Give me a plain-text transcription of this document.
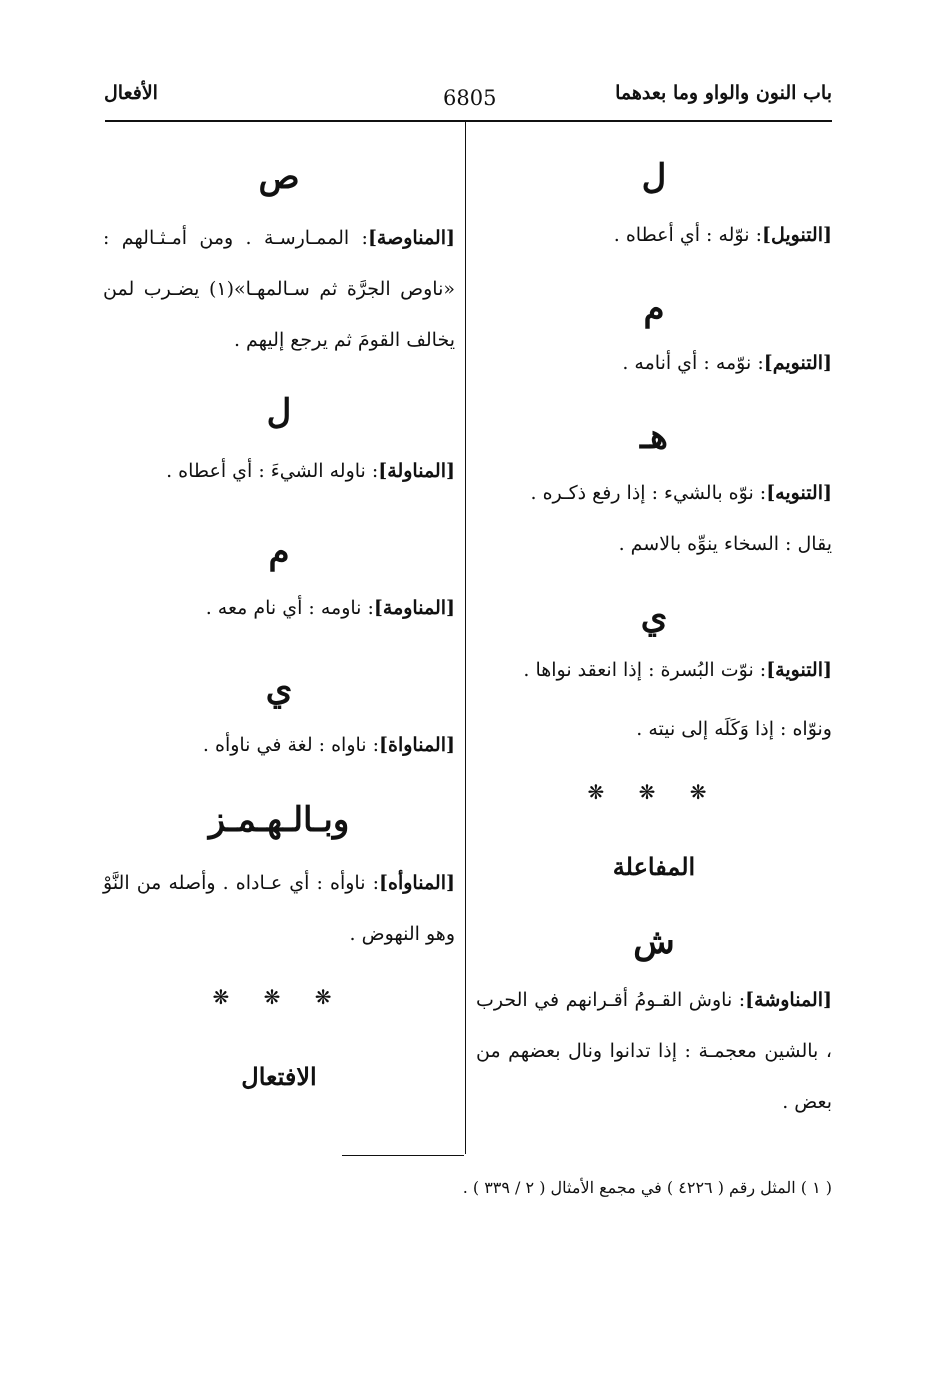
باب النون والواو وما بعدهما
6805
الأفعال
ل
[التنويل]: نوّله : أي أعطاه .
م
[التنويم]: نوّمه : أي أنامه .
هـ
[التنويه]: نوّه بالشيء : إذا رفع ذكـره .
يقال : السخاء ينوِّه بالاسم .
ي
[التنوية]: نوّت البُسرة : إذا انعقد نواها .
ونوّاه : إذا وَكَلَه إلى نيته .
❋ ❋ ❋
المفاعلة
ش
[المناوشة]: ناوش القـومُ أقـرانهم في الحرب ، بالشين معجمـة : إذا تدانوا ونال بعضهم من بعض .
ص
[المناوصة]: الممـارسـة . ومن أمـثـالهم : «ناوص الجرَّة ثم سـالمهـا»(١) يضـرب لمن يخالف القومَ ثم يرجع إليهم .
ل
[المناولة]: ناوله الشيءَ : أي أعطاه .
م
[المناومة]: ناومه : أي نام معه .
ي
[المناواة]: ناواه : لغة في ناوأه .
وبـالـهـمـز
[المناوأه]: ناوأه : أي عـاداه . وأصله من النَّوْ وهو النهوض .
❋ ❋ ❋
الافتعال
( ١ ) المثل رقم ( ٤٢٢٦ ) في مجمع الأمثال ( ٢ / ٣٣٩ ) .
